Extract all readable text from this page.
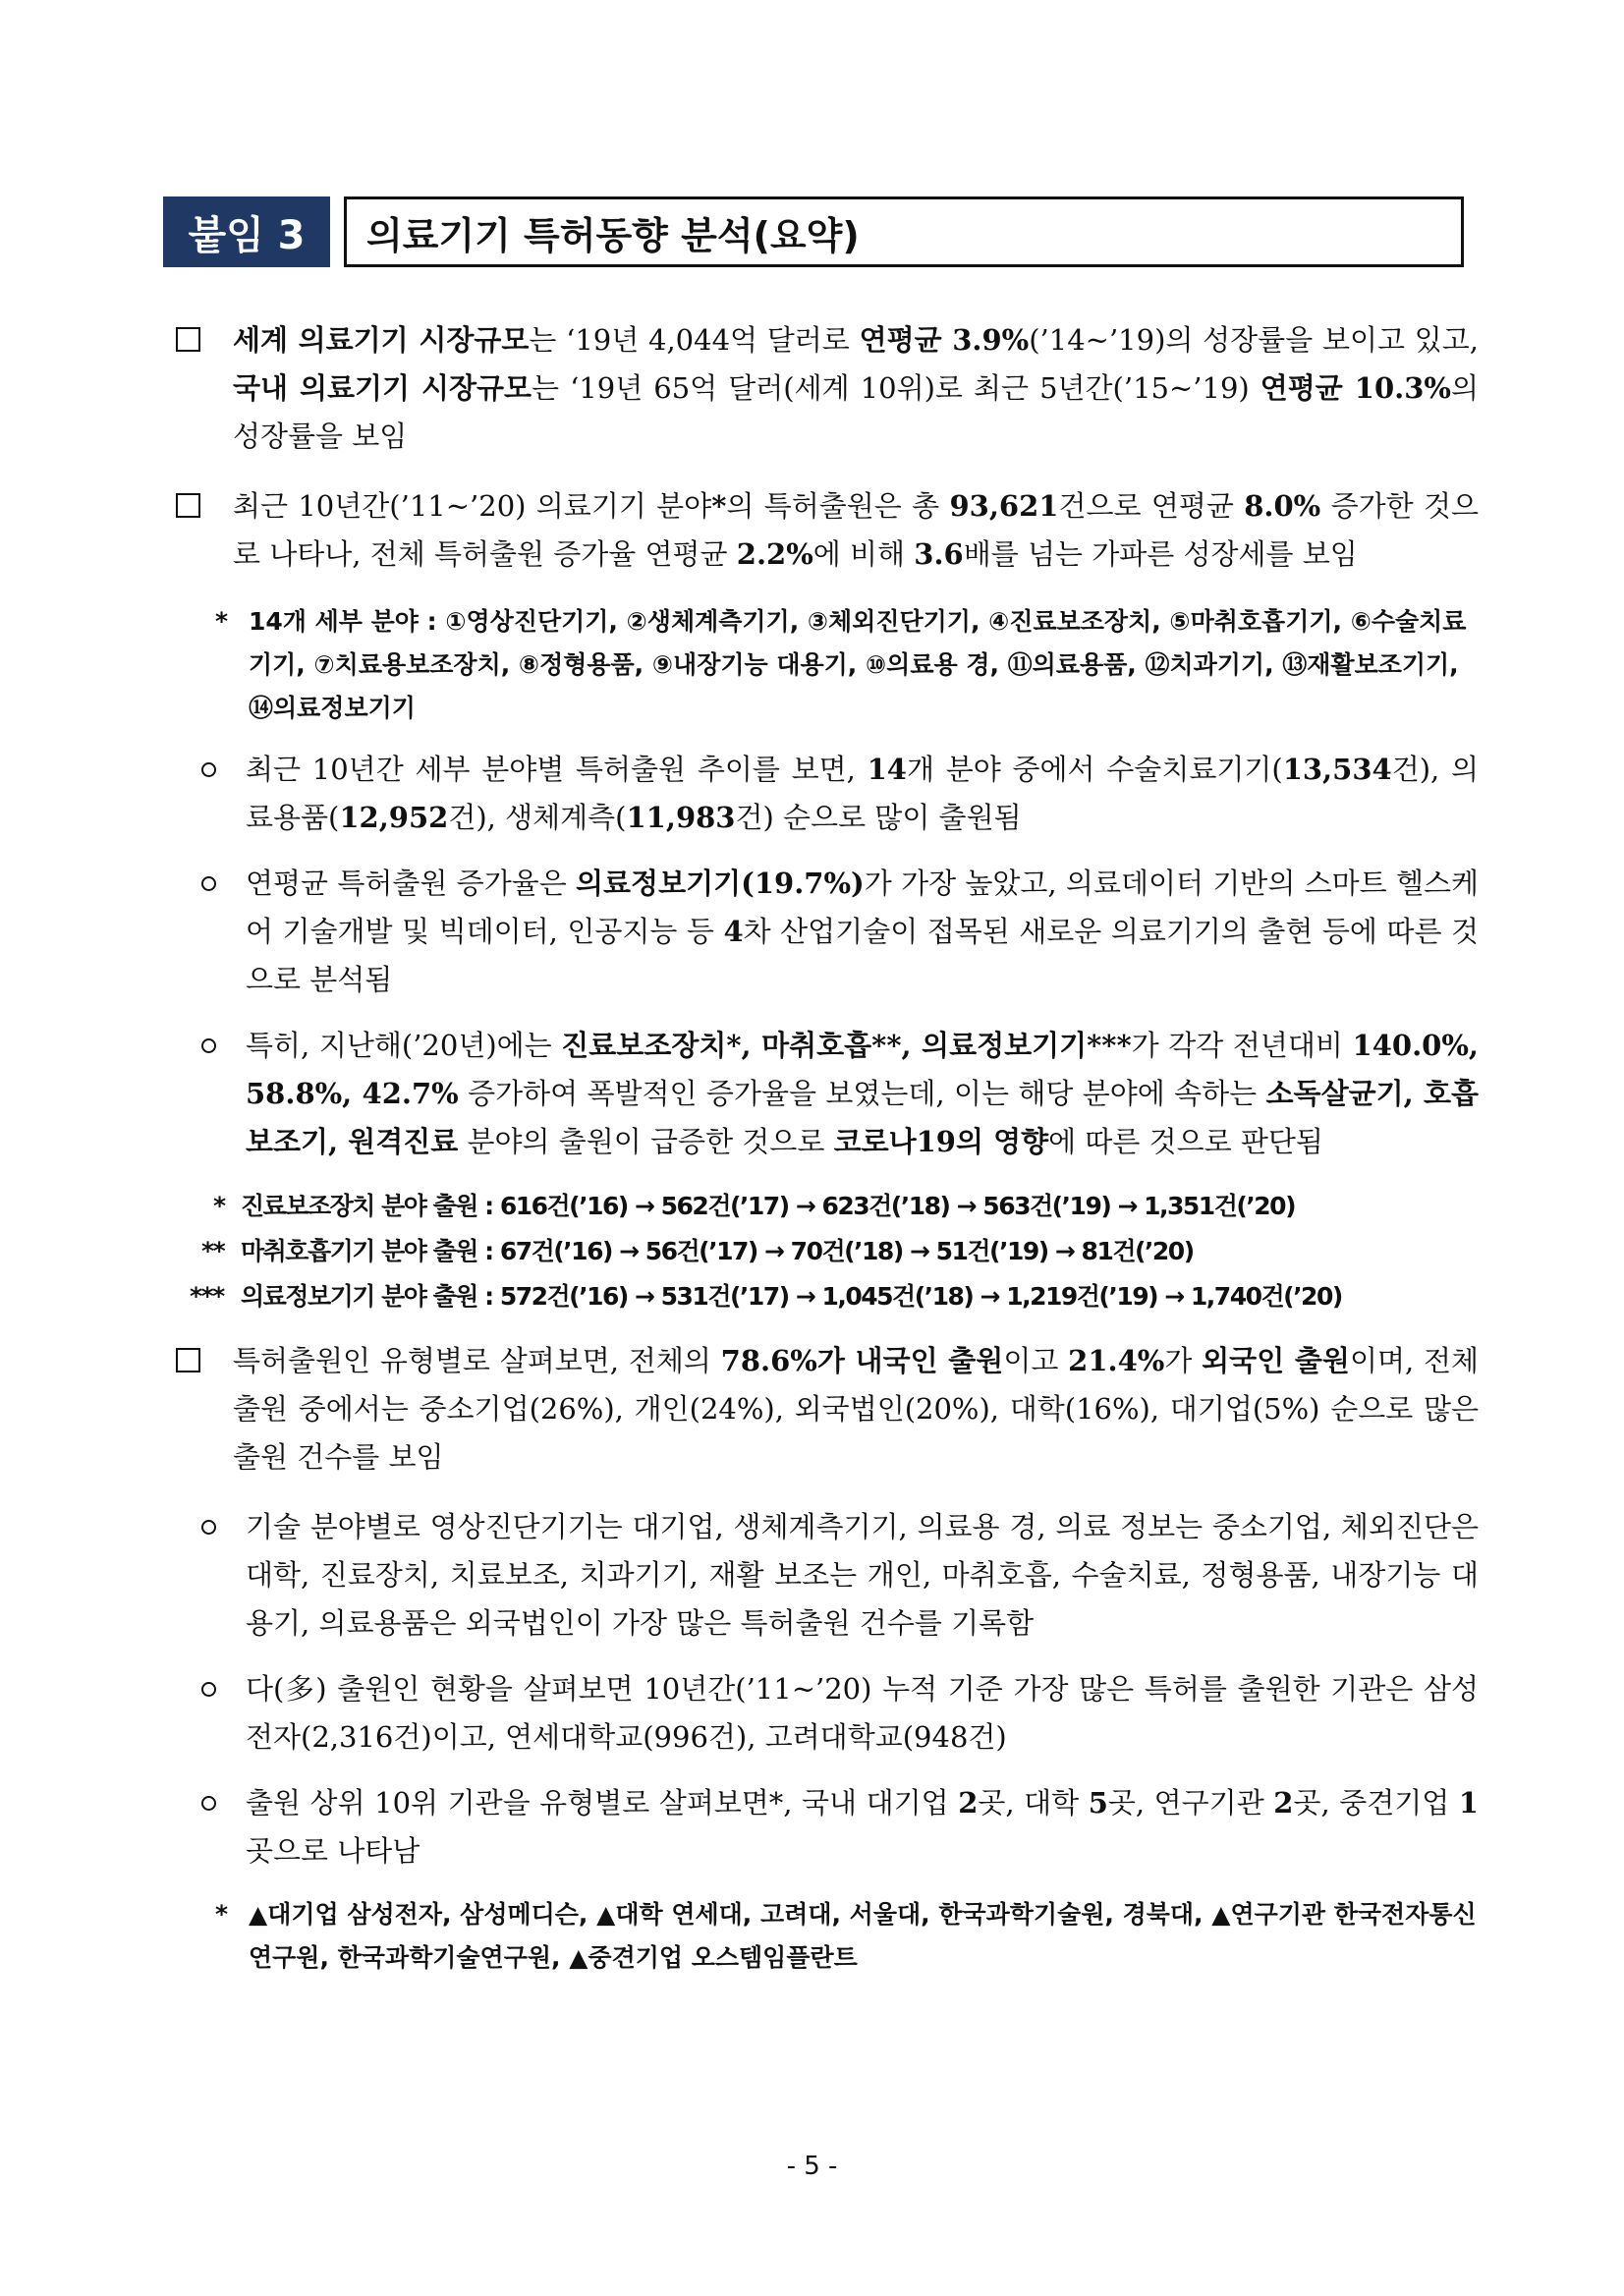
붙임 3	의료기기 특허동향 분석(요약)
세계 의료기기 시장규모는 ‘19년 4,044억 달러로 연평균 3.9%(’14~’19)의 성장률을 보이고 있고, 국내 의료기기 시장규모는 ‘19년 65억 달러(세계 10위)로 최근 5년간(’15~’19) 연평균 10.3%의 성장률을 보임
최근 10년간(’11~’20) 의료기기 분야*의 특허출원은 총 93,621건으로 연평균 8.0% 증가한 것으로 나타나, 전체 특허출원 증가율 연평균 2.2%에 비해 3.6배를 넘는 가파른 성장세를 보임
* 14개 세부 분야 : ①영상진단기기, ②생체계측기기, ③체외진단기기, ④진료보조장치, ⑤마취호흡기기, ⑥수술치료기기, ⑦치료용보조장치, ⑧정형용품, ⑨내장기능 대용기, ⑩의료용 경, ⑪의료용품, ⑫치과기기, ⑬재활보조기기, ⑭의료정보기기
최근 10년간 세부 분야별 특허출원 추이를 보면, 14개 분야 중에서 수술치료기기(13,534건), 의료용품(12,952건), 생체계측(11,983건) 순으로 많이 출원됨
연평균 특허출원 증가율은 의료정보기기(19.7%)가 가장 높았고, 의료데이터 기반의 스마트 헬스케어 기술개발 및 빅데이터, 인공지능 등 4차 산업기술이 접목된 새로운 의료기기의 출현 등에 따른 것으로 분석됨
특히, 지난해(’20년)에는 진료보조장치*, 마취호흡**, 의료정보기기***가 각각 전년대비 140.0%, 58.8%, 42.7% 증가하여 폭발적인 증가율을 보였는데, 이는 해당 분야에 속하는 소독살균기, 호흡보조기, 원격진료 분야의 출원이 급증한 것으로 코로나19의 영향에 따른 것으로 판단됨
* 진료보조장치 분야 출원 : 616건(’16) → 562건(’17) → 623건(’18) → 563건(’19) → 1,351건(’20)
** 마취호흡기기 분야 출원 : 67건(’16) → 56건(’17) → 70건(’18) → 51건(’19) → 81건(’20)
*** 의료정보기기 분야 출원 : 572건(’16) → 531건(’17) → 1,045건(’18) → 1,219건(’19) → 1,740건(’20)
특허출원인 유형별로 살펴보면, 전체의 78.6%가 내국인 출원이고 21.4%가 외국인 출원이며, 전체 출원 중에서는 중소기업(26%), 개인(24%), 외국법인(20%), 대학(16%), 대기업(5%) 순으로 많은 출원 건수를 보임
기술 분야별로 영상진단기기는 대기업, 생체계측기기, 의료용 경, 의료 정보는 중소기업, 체외진단은 대학, 진료장치, 치료보조, 치과기기, 재활 보조는 개인, 마취호흡, 수술치료, 정형용품, 내장기능 대용기, 의료용품은 외국법인이 가장 많은 특허출원 건수를 기록함
다(多) 출원인 현황을 살펴보면 10년간(’11~’20) 누적 기준 가장 많은 특허를 출원한 기관은 삼성전자(2,316건)이고, 연세대학교(996건), 고려대학교(948건)
출원 상위 10위 기관을 유형별로 살펴보면*, 국내 대기업 2곳, 대학 5곳, 연구기관 2곳, 중견기업 1곳으로 나타남
* ▲대기업 삼성전자, 삼성메디슨, ▲대학 연세대, 고려대, 서울대, 한국과학기술원, 경북대, ▲연구기관 한국전자통신연구원, 한국과학기술연구원, ▲중견기업 오스템임플란트
- 5 -
